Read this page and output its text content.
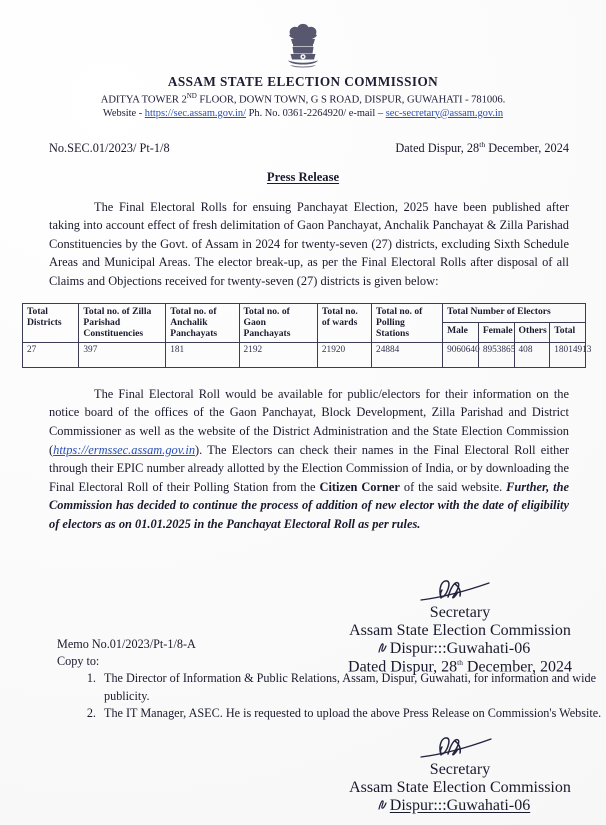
ASSAM STATE ELECTION COMMISSION
ADITYA TOWER 2ND FLOOR, DOWN TOWN, G S ROAD, DISPUR, GUWAHATI - 781006.
Website - https://sec.assam.gov.in/ Ph. No. 0361-2264920/ e-mail – sec-secretary@assam.gov.in
No.SEC.01/2023/ Pt-1/8	Dated Dispur, 28th December, 2024
Press Release
The Final Electoral Rolls for ensuing Panchayat Election, 2025 have been published after taking into account effect of fresh delimitation of Gaon Panchayat, Anchalik Panchayat & Zilla Parishad Constituencies by the Govt. of Assam in 2024 for twenty-seven (27) districts, excluding Sixth Schedule Areas and Municipal Areas. The elector break-up, as per the Final Electoral Rolls after disposal of all Claims and Objections received for twenty-seven (27) districts is given below:
Total Districts	Total no. of Zilla Parishad Constituencies	Total no. of Anchalik Panchayats	Total no. of Gaon Panchayats	Total no. of wards	Total no. of Polling Stations	Total Number of Electors			
						Male	Female	Others	Total
27	397	181	2192	21920	24884	9060640	8953865	408	18014913
The Final Electoral Roll would be available for public/electors for their information on the notice board of the offices of the Gaon Panchayat, Block Development, Zilla Parishad and District Commissioner as well as the website of the District Administration and the State Election Commission (https://ermssec.assam.gov.in). The Electors can check their names in the Final Electoral Roll either through their EPIC number already allotted by the Election Commission of India, or by downloading the Final Electoral Roll of their Polling Station from the Citizen Corner of the said website. Further, the Commission has decided to continue the process of addition of new elector with the date of eligibility of electors as on 01.01.2025 in the Panchayat Electoral Roll as per rules.
Secretary
Assam State Election Commission
Dispur:::Guwahati-06
Dated Dispur, 28th December, 2024
Memo No.01/2023/Pt-1/8-A
Copy to:
1. The Director of Information & Public Relations, Assam, Dispur, Guwahati, for information and wide publicity.
2. The IT Manager, ASEC. He is requested to upload the above Press Release on Commission's Website.
Secretary
Assam State Election Commission
Dispur:::Guwahati-06
